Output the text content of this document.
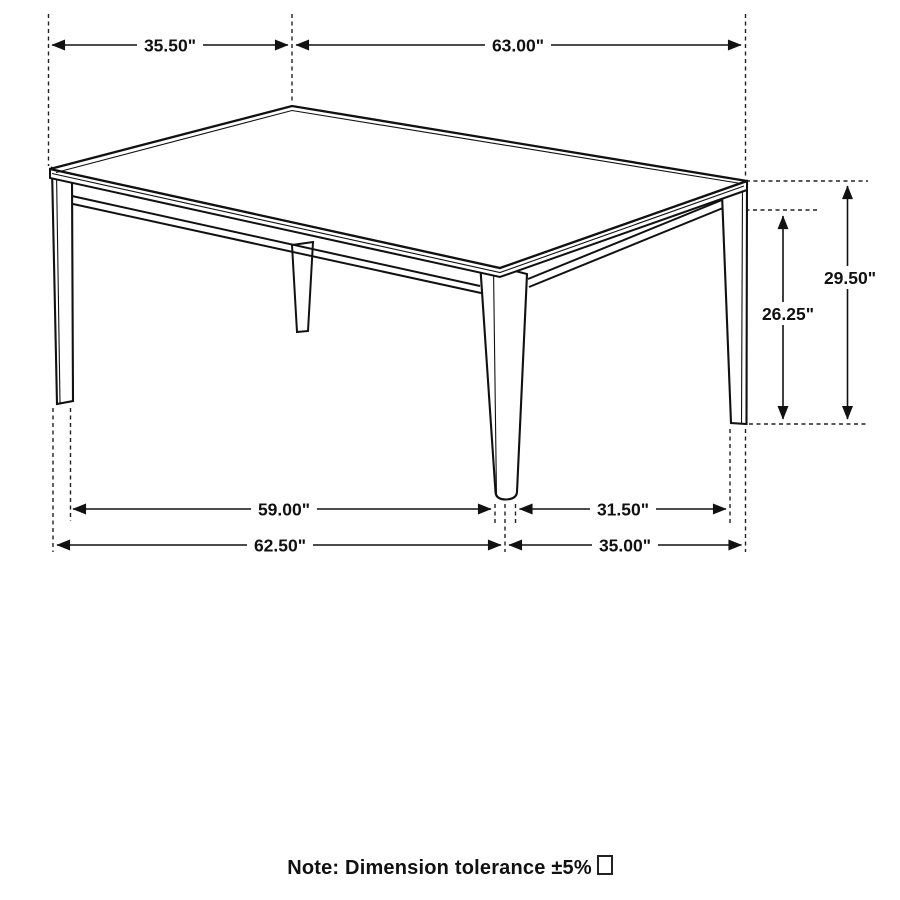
35.50"	63.00"
29.50"
26.25"
59.00"	31.50"
62.50"	35.00"
Note: Dimension tolerance ±5%
